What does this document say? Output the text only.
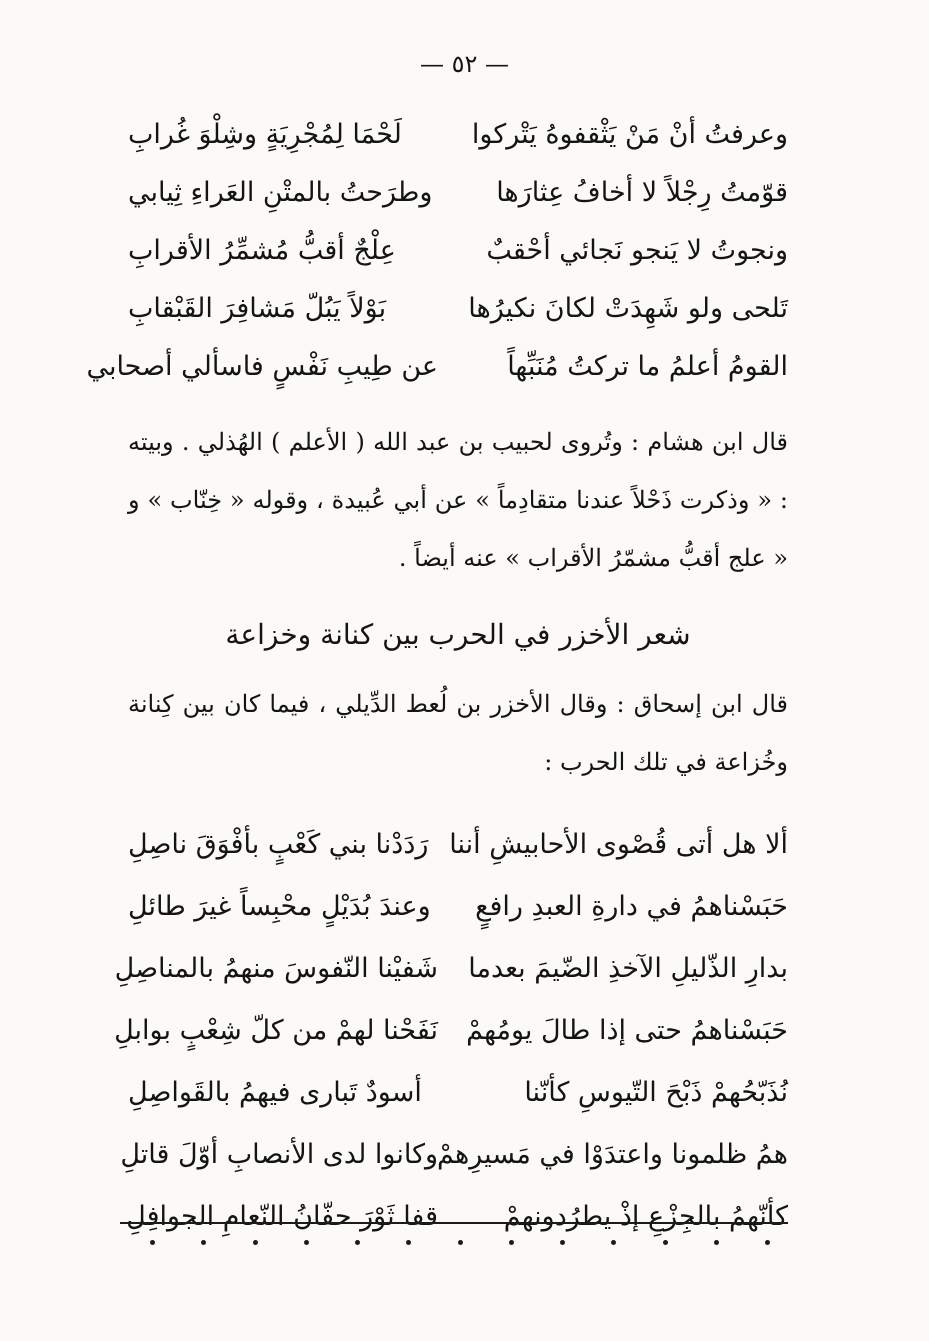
— ٥٢ —
وعرفتُ أنْ مَنْ يَثْقفوهُ يَتْركوا
لَحْمَا لِمُجْرِيَةٍ وشِلْوَ غُرابِ
قوّمتُ رِجْلاً لا أخافُ عِثارَها
وطرَحتُ بالمتْنِ العَراءِ ثِيابي
ونجوتُ لا يَنجو نَجائي أحْقبٌ
عِلْجٌ أقبُّ مُشمِّرُ الأقرابِ
تَلحى ولو شَهِدَتْ لكانَ نكيرُها
بَوْلاً يَبُلّ مَشافِرَ القَبْقابِ
القومُ أعلمُ ما تركتُ مُنَبِّهاً
عن طِيبِ نَفْسٍ فاسألي أصحابي

قال ابن هشام : وتُروى لحبيب بن عبد الله ( الأعلم ) الهُذلي . وبيته : « وذكرت ذَحْلاً عندنا متقادِماً » عن أبي عُبيدة ، وقوله « خِنّاب » و « علج أقبُّ مشمّرُ الأقراب » عنه أيضاً .

شعر الأخزر في الحرب بين كنانة وخزاعة

قال ابن إسحاق : وقال الأخزر بن لُعط الدِّيلي ، فيما كان بين كِنانة وخُزاعة في تلك الحرب :

ألا هل أتى قُصْوى الأحابيشِ أننا
رَدَدْنا بني كَعْبٍ بأفْوَقَ ناصِلِ
حَبَسْناهمُ في دارةِ العبدِ رافعٍ
وعندَ بُدَيْلٍ محْبِساً غيرَ طائلِ
بدارِ الذّليلِ الآخذِ الضّيمَ بعدما
شَفيْنا النّفوسَ منهمُ بالمناصِلِ
حَبَسْناهمُ حتى إذا طالَ يومُهمْ
نَفَحْنا لهمْ من كلّ شِعْبٍ بوابلِ
نُذَبّحُهمْ ذَبْحَ التّيوسِ كأنّنا
أسودٌ تَبارى فيهمُ بالقَواصِلِ
همُ ظلمونا واعتدَوْا في مَسيرِهمْ
وكانوا لدى الأنصابِ أوّلَ قاتلِ
كأنّهمُ بالجِزْعِ إذْ يطرُدونهمْ
قفا ثَوْرَ حفّانُ النّعامِ الجوافِلِ
